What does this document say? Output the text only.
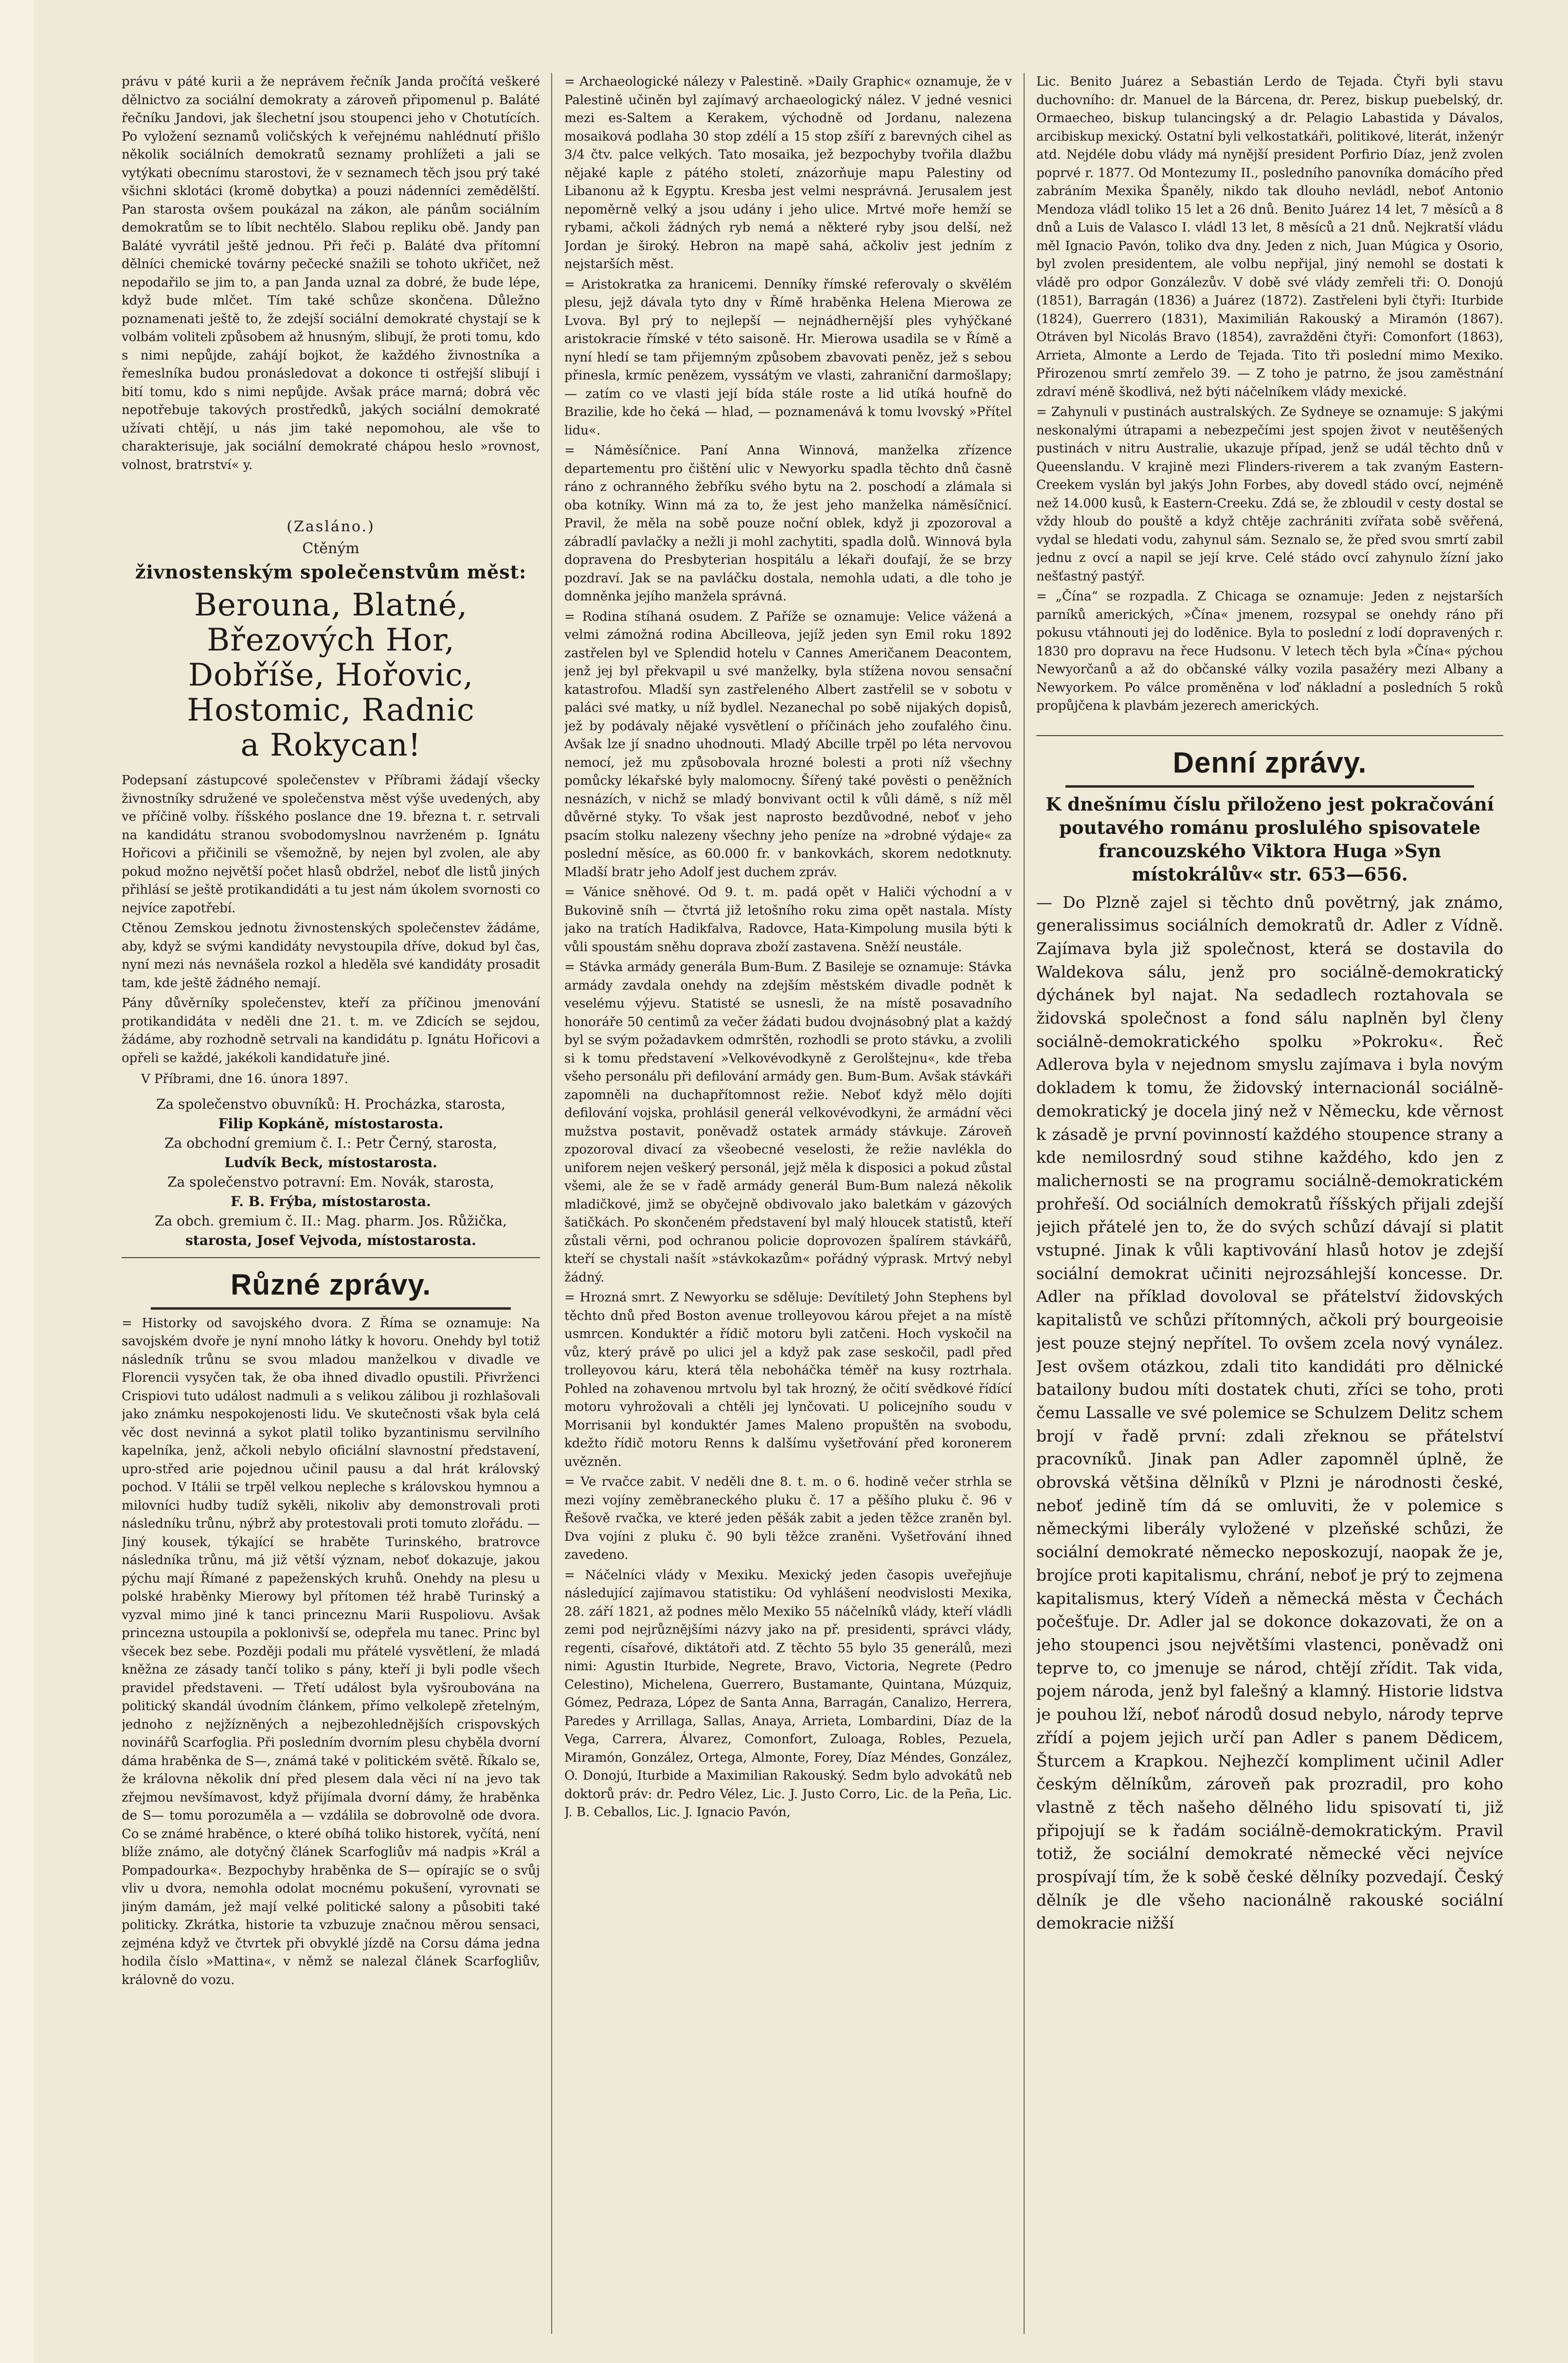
právu v páté kurii a že neprávem řečník Janda pročítá veškeré dělnictvo za sociální demokraty a zároveň připomenul p. Baláté řečníku Jandovi, jak šlechetní jsou stoupenci jeho v Chotutících. Po vyložení seznamů voličských k veřejnému nahlédnutí přišlo několik sociálních demokratů seznamy prohlížeti a jali se vytýkati obecnímu starostovi, že v seznamech těch jsou prý také všichni sklotáci (kromě dobytka) a pouzi nádenníci zemědělští. Pan starosta ovšem poukázal na zákon, ale pánům sociálním demokratům se to líbit nechtělo. Slabou repliku obě. Jandy pan Baláté vyvrátil ještě jednou. Při řeči p. Baláté dva přítomní dělníci chemické továrny pečecké snažili se tohoto ukřičet, než nepodařilo se jim to, a pan Janda uznal za dobré, že bude lépe, když bude mlčet. Tím také schůze skončena. Důležno poznamenati ještě to, že zdejší sociální demokraté chystají se k volbám voliteli způsobem až hnusným, slibují, že proti tomu, kdo s nimi nepůjde, zahájí bojkot, že každého živnostníka a řemeslníka budou pronásledovat a dokonce ti ostřejší slibují i bití tomu, kdo s nimi nepůjde. Avšak práce marná; dobrá věc nepotřebuje takových prostředků, jakých sociální demokraté užívati chtějí, u nás jim také nepomohou, ale vše to charakterisuje, jak sociální demokraté chápou heslo »rovnost, volnost, bratrství« y.

(Zasláno.)

Ctěným

živnostenským společenstvům měst:

Berouna, Blatné, Březových Hor,

Dobříše, Hořovic, Hostomic, Radnic

a Rokycan!

Podepsaní zástupcové společenstev v Příbrami žádají všecky živnostníky sdružené ve společenstva měst výše uvedených, aby ve příčině volby. říšského poslance dne 19. března t. r. setrvali na kandidátu stranou svobodomyslnou navrženém p. Ignátu Hořicovi a přičinili se všemožně, by nejen byl zvolen, ale aby pokud možno největší počet hlasů obdržel, neboť dle listů jiných přihlásí se ještě protikandidáti a tu jest nám úkolem svornosti co nejvíce zapotřebí.

Ctěnou Zemskou jednotu živnostenských společenstev žádáme, aby, když se svými kandidáty nevystoupila dříve, dokud byl čas, nyní mezi nás nevnášela rozkol a hleděla své kandidáty prosadit tam, kde ještě žádného nemají.

Pány důvěrníky společenstev, kteří za příčinou jmenování protikandidáta v neděli dne 21. t. m. ve Zdicích se sejdou, žádáme, aby rozhodně setrvali na kandidátu p. Ignátu Hořicovi a opřeli se každé, jakékoli kandidatuře jiné.

V Příbrami, dne 16. února 1897.

Za společenstvo obuvníků: H. Procházka, starosta,

Filip Kopkáně, místostarosta.

Za obchodní gremium č. I.: Petr Černý, starosta,

Ludvík Beck, místostarosta.

Za společenstvo potravní: Em. Novák, starosta,

F. B. Frýba, místostarosta.

Za obch. gremium č. II.: Mag. pharm. Jos. Růžička,

starosta, Josef Vejvoda, místostarosta.

Různé zprávy.

= Historky od savojského dvora. Z Říma se oznamuje: Na savojském dvoře je nyní mnoho látky k hovoru. Onehdy byl totiž následník trůnu se svou mladou manželkou v divadle ve Florencii vysyčen tak, že oba ihned divadlo opustili. Přivrženci Crispiovi tuto událost nadmuli a s velikou zálibou ji rozhlašovali jako známku nespokojenosti lidu. Ve skutečnosti však byla celá věc dost nevinná a sykot platil toliko byzantinismu servilního kapelníka, jenž, ačkoli nebylo oficiální slavnostní představení, upro-střed arie pojednou učinil pausu a dal hrát královský pochod. V Itálii se trpěl velkou nepleche s královskou hymnou a milovníci hudby tudíž sykěli, nikoliv aby demonstrovali proti následníku trůnu, nýbrž aby protestovali proti tomuto zlořádu. — Jiný kousek, týkající se hraběte Turinského, bratrovce následníka trůnu, má již větší význam, neboť dokazuje, jakou pýchu mají Římané z papeženských kruhů. Onehdy na plesu u polské hraběnky Mierowy byl přítomen též hrabě Turinský a vyzval mimo jiné k tanci princeznu Marii Ruspoliovu. Avšak princezna ustoupila a poklonivší se, odepřela mu tanec. Princ byl všecek bez sebe. Později podali mu přátelé vysvětlení, že mladá kněžna ze zásady tančí toliko s pány, kteří ji byli podle všech pravidel představeni. — Třetí událost byla vyšroubována na politický skandál úvodním článkem, přímo velkolepě zřetelným, jednoho z nejžízněných a nejbezohlednějších crispovských novinářů Scarfoglia. Při posledním dvorním plesu chyběla dvorní dáma hraběnka de S—, známá také v politickém světě. Říkalo se, že královna několik dní před plesem dala věci ní na jevo tak zřejmou nevšímavost, když přijímala dvorní dámy, že hraběnka de S— tomu porozuměla a — vzdálila se dobrovolně ode dvora. Co se známé hraběnce, o které obíhá toliko historek, vyčítá, není blíže známo, ale dotyčný článek Scarfogliův má nadpis »Král a Pompadourka«. Bezpochyby hraběnka de S— opírajíc se o svůj vliv u dvora, nemohla odolat mocnému pokušení, vyrovnati se jiným damám, jež mají velké politické salony a působiti také politicky. Zkrátka, historie ta vzbuzuje značnou měrou sensaci, zejména když ve čtvrtek při obvyklé jízdě na Corsu dáma jedna hodila číslo »Mattina«, v němž se nalezal článek Scarfogliův, královně do vozu.

= Archaeologické nálezy v Palestině. »Daily Graphic« oznamuje, že v Palestině učiněn byl zajímavý archaeologický nález. V jedné vesnici mezi es-Saltem a Kerakem, východně od Jordanu, nalezena mosaiková podlaha 30 stop zdélí a 15 stop zšíří z barevných cihel as 3/4 čtv. palce velkých. Tato mosaika, jež bezpochyby tvořila dlažbu nějaké kaple z pátého století, znázorňuje mapu Palestiny od Libanonu až k Egyptu. Kresba jest velmi nesprávná. Jerusalem jest nepoměrně velký a jsou udány i jeho ulice. Mrtvé moře hemží se rybami, ačkoli žádných ryb nemá a některé ryby jsou delší, než Jordan je široký. Hebron na mapě sahá, ačkoliv jest jedním z nejstarších měst.

= Aristokratka za hranicemi. Denníky římské referovaly o skvělém plesu, jejž dávala tyto dny v Římě hraběnka Helena Mierowa ze Lvova. Byl prý to nejlepší — nejnádhernější ples vyhýčkané aristokracie římské v této saisoně. Hr. Mierowa usadila se v Římě a nyní hledí se tam přijemným způsobem zbavovati peněz, jež s sebou přinesla, krmíc penězem, vyssátým ve vlasti, zahraniční darmošlapy; — zatím co ve vlasti její bída stále roste a lid utíká houfně do Brazilie, kde ho čeká — hlad, — poznamenává k tomu lvovský »Přítel lidu«.

= Náměsíčnice. Paní Anna Winnová, manželka zřízence departementu pro čištění ulic v Newyorku spadla těchto dnů časně ráno z ochranného žebříku svého bytu na 2. poschodí a zlámala si oba kotníky. Winn má za to, že jest jeho manželka náměsíčnicí. Pravil, že měla na sobě pouze noční oblek, když ji zpozoroval a zábradlí pavlačky a nežli ji mohl zachytiti, spadla dolů. Winnová byla dopravena do Presbyterian hospitálu a lékaři doufají, že se brzy pozdraví. Jak se na pavláčku dostala, nemohla udati, a dle toho je domněnka jejího manžela správná.

= Rodina stíhaná osudem. Z Paříže se oznamuje: Velice vážená a velmi zámožná rodina Abcilleova, jejíž jeden syn Emil roku 1892 zastřelen byl ve Splendid hotelu v Cannes Američanem Deacontem, jenž jej byl překvapil u své manželky, byla stížena novou sensační katastrofou. Mladší syn zastřeleného Albert zastřelil se v sobotu v paláci své matky, u níž bydlel. Nezanechal po sobě nijakých dopisů, jež by podávaly nějaké vysvětlení o příčinách jeho zoufalého činu. Avšak lze jí snadno uhodnouti. Mladý Abcille trpěl po léta nervovou nemocí, jež mu způsobovala hrozné bolesti a proti níž všechny pomůcky lékařské byly malomocny. Šířený také pověsti o peněžních nesnázích, v nichž se mladý bonvivant octil k vůli dámě, s níž měl důvěrné styky. To však jest naprosto bezdůvodné, neboť v jeho psacím stolku nalezeny všechny jeho peníze na »drobné výdaje« za poslední měsíce, as 60.000 fr. v bankovkách, skorem nedotknuty. Mladší bratr jeho Adolf jest duchem zpráv.

= Vánice sněhové. Od 9. t. m. padá opět v Haliči východní a v Bukovině sníh — čtvrtá již letošního roku zima opět nastala. Místy jako na tratích Hadikfalva, Radovce, Hata-Kimpolung musila býti k vůli spoustám sněhu doprava zboží zastavena. Sněží neustále.

= Stávka armády generála Bum-Bum. Z Basileje se oznamuje: Stávka armády zavdala onehdy na zdejším městském divadle podnět k veselému výjevu. Statisté se usnesli, že na místě posavadního honoráře 50 centimů za večer žádati budou dvojnásobný plat a každý byl se svým požadavkem odmrštěn, rozhodli se proto stávku, a zvolili si k tomu představení »Velkovévodkyně z Gerolštejnu«, kde třeba všeho personálu při defilování armády gen. Bum-Bum. Avšak stávkáři zapomněli na duchapřítomnost režie. Neboť když mělo dojíti defilování vojska, prohlásil generál velkovévodkyni, že armádní věci mužstva postavit, poněvadž ostatek armády stávkuje. Zároveň zpozoroval divací za všeobecné veselosti, že režie navlékla do uniforem nejen veškerý personál, jejž měla k disposici a pokud zůstal všemi, ale že se v řadě armády generál Bum-Bum nalezá několik mladičkové, jimž se obyčejně obdivovalo jako baletkám v gázových šatičkách. Po skončeném představení byl malý hloucek statistů, kteří zůstali věrni, pod ochranou policie doprovozen špalírem stávkářů, kteří se chystali našít »stávkokazům« pořádný výprask. Mrtvý nebyl žádný.

= Hrozná smrt. Z Newyorku se sděluje: Devítiletý John Stephens byl těchto dnů před Boston avenue trolleyovou károu přejet a na místě usmrcen. Konduktér a řídič motoru byli zatčeni. Hoch vyskočil na vůz, který právě po ulici jel a když pak zase seskočil, padl před trolleyovou káru, která těla neboháčka téměř na kusy roztrhala. Pohled na zohavenou mrtvolu byl tak hrozný, že očití svědkové řídící motoru vyhrožovali a chtěli jej lynčovati. U policejního soudu v Morrisanii byl konduktér James Maleno propuštěn na svobodu, kdežto řídič motoru Renns k dalšímu vyšetřování před koronerem uvězněn.

= Ve rvačce zabit. V neděli dne 8. t. m. o 6. hodině večer strhla se mezi vojíny zeměbraneckého pluku č. 17 a pěšího pluku č. 96 v Řešově rvačka, ve které jeden pěšák zabit a jeden těžce zraněn byl. Dva vojíni z pluku č. 90 byli těžce zraněni. Vyšetřování ihned zavedeno.

= Náčelníci vlády v Mexiku. Mexický jeden časopis uveřejňuje následující zajímavou statistiku: Od vyhlášení neodvislosti Mexika, 28. září 1821, až podnes mělo Mexiko 55 náčelníků vlády, kteří vládli zemi pod nejrůznějšími názvy jako na př. presidenti, správci vlády, regenti, císařové, diktátoři atd. Z těchto 55 bylo 35 generálů, mezi nimi: Agustin Iturbide, Negrete, Bravo, Victoria, Negrete (Pedro Celestino), Michelena, Guerrero, Bustamante, Quintana, Múzquiz, Gómez, Pedraza, López de Santa Anna, Barragán, Canalizo, Herrera, Paredes y Arrillaga, Sallas, Anaya, Arrieta, Lombardini, Díaz de la Vega, Carrera, Álvarez, Comonfort, Zuloaga, Robles, Pezuela, Miramón, González, Ortega, Almonte, Forey, Díaz Méndes, González, O. Donojú, Iturbide a Maximilian Rakouský. Sedm bylo advokátů neb doktorů práv: dr. Pedro Vélez, Lic. J. Justo Corro, Lic. de la Peña, Lic. J. B. Ceballos, Lic. J. Ignacio Pavón,

Lic. Benito Juárez a Sebastián Lerdo de Tejada. Čtyři byli stavu duchovního: dr. Manuel de la Bárcena, dr. Perez, biskup puebelský, dr. Ormaecheo, biskup tulancingský a dr. Pelagio Labastida y Dávalos, arcibiskup mexický. Ostatní byli velkostatkáři, politikové, literát, inženýr atd. Nejdéle dobu vlády má nynější president Porfirio Díaz, jenž zvolen poprvé r. 1877. Od Montezumy II., posledního panovníka domácího před zabráním Mexika Španěly, nikdo tak dlouho nevládl, neboť Antonio Mendoza vládl toliko 15 let a 26 dnů. Benito Juárez 14 let, 7 měsíců a 8 dnů a Luis de Valasco I. vládl 13 let, 8 měsíců a 21 dnů. Nejkratší vládu měl Ignacio Pavón, toliko dva dny. Jeden z nich, Juan Múgica y Osorio, byl zvolen presidentem, ale volbu nepřijal, jiný nemohl se dostati k vládě pro odpor Gonzálezův. V době své vlády zemřeli tři: O. Donojú (1851), Barragán (1836) a Juárez (1872). Zastřeleni byli čtyři: Iturbide (1824), Guerrero (1831), Maximilián Rakouský a Miramón (1867). Otráven byl Nicolás Bravo (1854), zavražděni čtyři: Comonfort (1863), Arrieta, Almonte a Lerdo de Tejada. Tito tři poslední mimo Mexiko. Přirozenou smrtí zemřelo 39. — Z toho je patrno, že jsou zaměstnání zdraví méně škodlivá, než býti náčelníkem vlády mexické.

= Zahynuli v pustinách australských. Ze Sydneye se oznamuje: S jakými neskonalými útrapami a nebezpečími jest spojen život v neutěšených pustinách v nitru Australie, ukazuje případ, jenž se udál těchto dnů v Queenslandu. V krajině mezi Flinders-riverem a tak zvaným Eastern-Creekem vyslán byl jakýs John Forbes, aby dovedl stádo ovcí, nejméně než 14.000 kusů, k Eastern-Creeku. Zdá se, že zbloudil v cesty dostal se vždy hloub do pouště a když chtěje zachrániti zvířata sobě svěřená, vydal se hledati vodu, zahynul sám. Seznalo se, že před svou smrtí zabil jednu z ovcí a napil se její krve. Celé stádo ovcí zahynulo žízní jako nešťastný pastýř.

= „Čína“ se rozpadla. Z Chicaga se oznamuje: Jeden z nejstarších parníků amerických, »Čína« jmenem, rozsypal se onehdy ráno při pokusu vtáhnouti jej do loděnice. Byla to poslední z lodí dopravených r. 1830 pro dopravu na řece Hudsonu. V letech těch byla »Čína« pýchou Newyorčanů a až do občanské války vozila pasažéry mezi Albany a Newyorkem. Po válce proměněna v loď nákladní a posledních 5 roků propůjčena k plavbám jezerech amerických.

Denní zprávy.

K dnešnímu číslu přiloženo jest pokračování poutavého románu proslulého spisovatele francouzského Viktora Huga »Syn místokrálův« str. 653—656.

— Do Plzně zajel si těchto dnů povětrný, jak známo, generalissimus sociálních demokratů dr. Adler z Vídně. Zajímava byla již společnost, která se dostavila do Waldekova sálu, jenž pro sociálně-demokratický dýchánek byl najat. Na sedadlech roztahovala se židovská společnost a fond sálu naplněn byl členy sociálně-demokratického spolku »Pokroku«. Řeč Adlerova byla v nejednom smyslu zajímava i byla novým dokladem k tomu, že židovský internacionál sociálně-demokratický je docela jiný než v Německu, kde věrnost k zásadě je první povinností každého stoupence strany a kde nemilosrdný soud stihne každého, kdo jen z malichernosti se na programu sociálně-demokratickém prohřeší. Od sociálních demokratů říšských přijali zdejší jejich přátelé jen to, že do svých schůzí dávají si platit vstupné. Jinak k vůli kaptivování hlasů hotov je zdejší sociální demokrat učiniti nejrozsáhlejší koncesse. Dr. Adler na příklad dovoloval se přátelství židovských kapitalistů ve schůzi přítomných, ačkoli prý bourgeoisie jest pouze stejný nepřítel. To ovšem zcela nový vynález. Jest ovšem otázkou, zdali tito kandidáti pro dělnické batailony budou míti dostatek chuti, zříci se toho, proti čemu Lassalle ve své polemice se Schulzem Delitz schem brojí v řadě první: zdali zřeknou se přátelství pracovníků. Jinak pan Adler zapomněl úplně, že obrovská většina dělníků v Plzni je národnosti české, neboť jedině tím dá se omluviti, že v polemice s německými liberály vyložené v plzeňské schůzi, že sociální demokraté německo neposkozují, naopak že je, brojíce proti kapitalismu, chrání, neboť je prý to zejmena kapitalismus, který Vídeň a německá města v Čechách počešťuje. Dr. Adler jal se dokonce dokazovati, že on a jeho stoupenci jsou největšími vlastenci, poněvadž oni teprve to, co jmenuje se národ, chtějí zřídit. Tak vida, pojem národa, jenž byl falešný a klamný. Historie lidstva je pouhou lží, neboť národů dosud nebylo, národy teprve zřídí a pojem jejich určí pan Adler s panem Dědicem, Šturcem a Krapkou. Nejhezčí kompliment učinil Adler českým dělníkům, zároveň pak prozradil, pro koho vlastně z těch našeho dělného lidu spisovatí ti, již připojují se k řadám sociálně-demokratickým. Pravil totiž, že sociální demokraté německé věci nejvíce prospívají tím, že k sobě české dělníky pozvedají. Český dělník je dle všeho nacionálně rakouské sociální demokracie nižší
